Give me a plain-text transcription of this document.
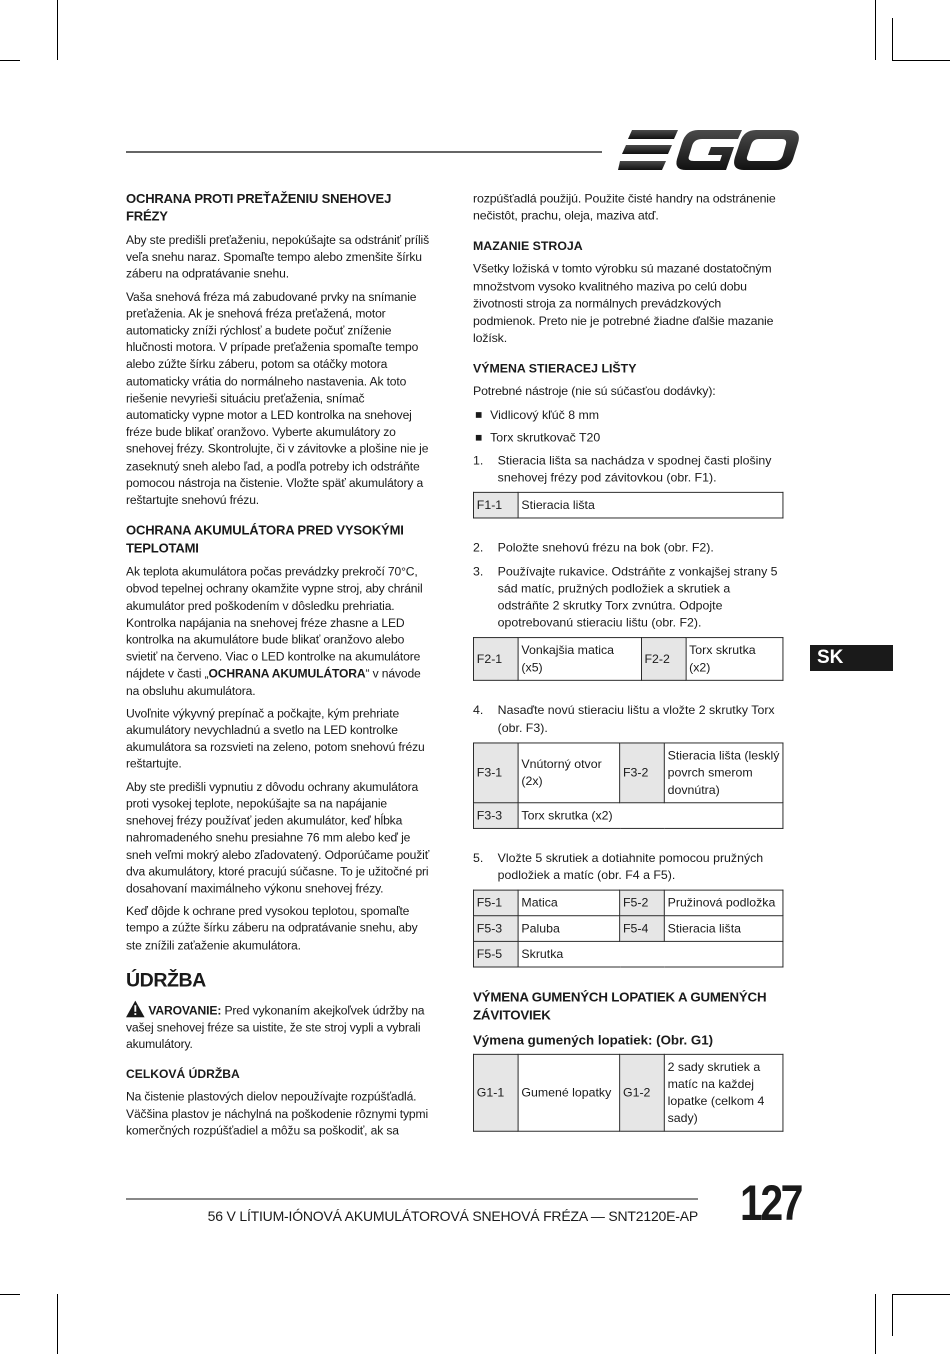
OCHRANA PROTI PREŤAŽENIU SNEHOVEJ FRÉZY

Aby ste predišli preťaženiu, nepokúšajte sa odstrániť príliš veľa snehu naraz. Spomaľte tempo alebo zmenšite šírku záberu na odpratávanie snehu.

Vaša snehová fréza má zabudované prvky na snímanie preťaženia. Ak je snehová fréza preťažená, motor automaticky zníži rýchlosť a budete počuť zníženie hlučnosti motora. V prípade preťaženia spomaľte tempo alebo zúžte šírku záberu, potom sa otáčky motora automaticky vrátia do normálneho nastavenia. Ak toto riešenie nevyrieši situáciu preťaženia, snímač automaticky vypne motor a LED kontrolka na snehovej fréze bude blikať oranžovo. Vyberte akumulátory zo snehovej frézy. Skontrolujte, či v závitovke a plošine nie je zaseknutý sneh alebo ľad, a podľa potreby ich odstráňte pomocou nástroja na čistenie. Vložte späť akumulátory a reštartujte snehovú frézu.

OCHRANA AKUMULÁTORA PRED VYSOKÝMI TEPLOTAMI

Ak teplota akumulátora počas prevádzky prekročí 70°C, obvod tepelnej ochrany okamžite vypne stroj, aby chránil akumulátor pred poškodením v dôsledku prehriatia. Kontrolka napájania na snehovej fréze zhasne a LED kontrolka na akumulátore bude blikať oranžovo alebo svietiť na červeno. Viac o LED kontrolke na akumulátore nájdete v časti „OCHRANA AKUMULÁTORA“ v návode na obsluhu akumulátora.

Uvoľnite výkyvný prepínač a počkajte, kým prehriate akumulátory nevychladnú a svetlo na LED kontrolke akumulátora sa rozsvieti na zeleno, potom snehovú frézu reštartujte.

Aby ste predišli vypnutiu z dôvodu ochrany akumulátora proti vysokej teplote, nepokúšajte sa na napájanie snehovej frézy používať jeden akumulátor, keď hĺbka nahromadeného snehu presiahne 76 mm alebo keď je sneh veľmi mokrý alebo zľadovatený. Odporúčame použiť dva akumulátory, ktoré pracujú súčasne. To je užitočné pri dosahovaní maximálneho výkonu snehovej frézy.

Keď dôjde k ochrane pred vysokou teplotou, spomaľte tempo a zúžte šírku záberu na odpratávanie snehu, aby ste znížili zaťaženie akumulátora.

ÚDRŽBA

VAROVANIE: Pred vykonaním akejkoľvek údržby na vašej snehovej fréze sa uistite, že ste stroj vypli a vybrali akumulátory.

CELKOVÁ ÚDRŽBA

Na čistenie plastových dielov nepoužívajte rozpúšťadlá. Väčšina plastov je náchylná na poškodenie rôznymi typmi komerčných rozpúšťadiel a môžu sa poškodiť, ak sa

rozpúšťadlá použijú. Použite čisté handry na odstránenie nečistôt, prachu, oleja, maziva atď.

MAZANIE STROJA

Všetky ložiská v tomto výrobku sú mazané dostatočným množstvom vysoko kvalitného maziva po celú dobu životnosti stroja za normálnych prevádzkových podmienok. Preto nie je potrebné žiadne ďalšie mazanie ložísk.

VÝMENA STIERACEJ LIŠTY

Potrebné nástroje (nie sú súčasťou dodávky):

Vidlicový kľúč 8 mm
Torx skrutkovač T20
1. Stieracia lišta sa nachádza v spodnej časti plošiny snehovej frézy pod závitovkou (obr. F1).
F1-1	Stieracia lišta
2. Položte snehovú frézu na bok (obr. F2).
3. Používajte rukavice. Odstráňte z vonkajšej strany 5 sád matíc, pružných podložiek a skrutiek a odstráňte 2 skrutky Torx zvnútra. Odpojte opotrebovanú stieraciu lištu (obr. F2).
F2-1	Vonkajšia matica (x5)	F2-2	Torx skrutka (x2)
4. Nasaďte novú stieraciu lištu a vložte 2 skrutky Torx (obr. F3).
F3-1	Vnútorný otvor (2x)	F3-2	Stieracia lišta (lesklý povrch smerom dovnútra)
F3-3	Torx skrutka (x2)		
5. Vložte 5 skrutiek a dotiahnite pomocou pružných podložiek a matíc (obr. F4 a F5).
F5-1	Matica	F5-2	Pružinová podložka
F5-3	Paluba	F5-4	Stieracia lišta
F5-5	Skrutka		
VÝMENA GUMENÝCH LOPATIEK A GUMENÝCH ZÁVITOVIEK
Výmena gumených lopatiek: (Obr. G1)
G1-1	Gumené lopatky	G1-2	2 sady skrutiek a matíc na každej lopatke (celkom 4 sady)
SK
56 V LÍTIUM-IÓNOVÁ AKUMULÁTOROVÁ SNEHOVÁ FRÉZA — SNT2120E-AP 127
